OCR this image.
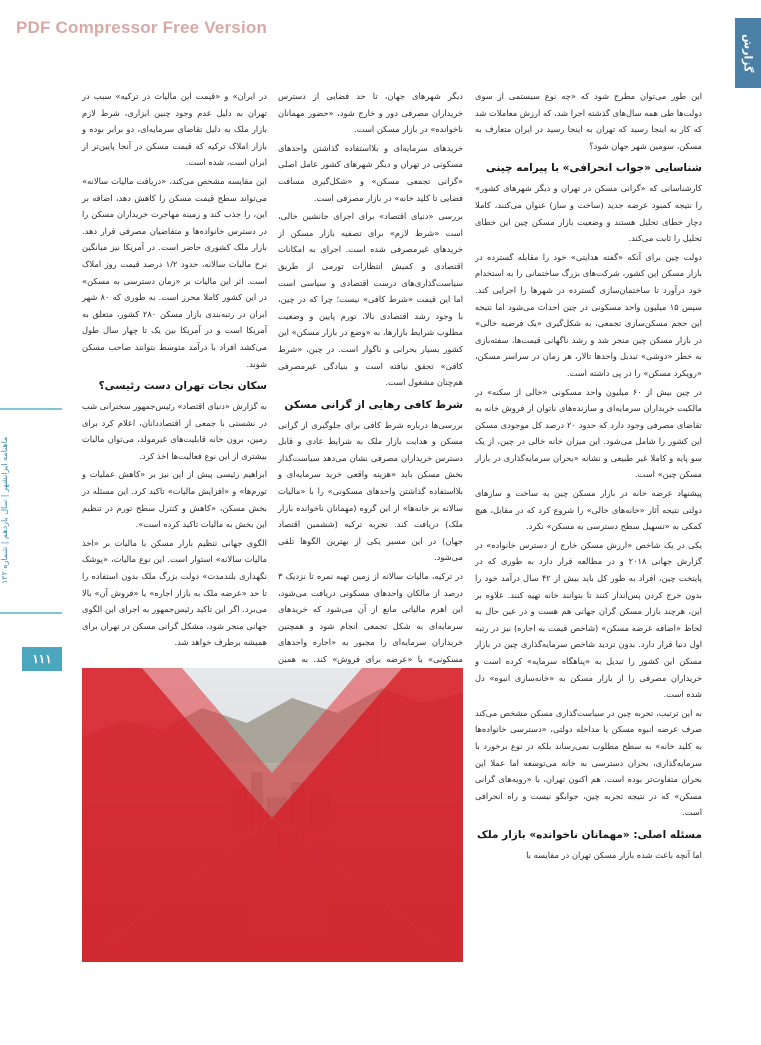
PDF Compressor Free Version
گزارش
ماهنامه ایرانشهر | سال یازدهم | شماره ۱۲۲
۱۱۱

این طور می‌توان مطرح شود که «چه نوع سیستمی از سوی دولت‌ها طی همه سال‌های گذشته اجرا شد، که ارزش معاملات شد که کار به اینجا رسید که تهران به اینجا رسید در ایران متعارف به مسکن، سومین شهر جهان شود؟

شناسایی «جواب انحرافی» با پیرامه چینی

کارشناسانی که «گرانی مسکن در تهران و دیگر شهرهای کشور» را نتیجه کمبود عرضه جدید (ساخت و ساز) عنوان می‌کنند، کاملا دچار خطای تحلیل هستند و وضعیت بازار مسکن چین این خطای تحلیل را ثابت می‌کند.

دولت چین برای آنکه «گفته هدایتی» خود را مقابله گسترده در بازار مسکن این کشور، شرکت‌های بزرگ ساختمانی را به استخدام خود درآورد تا ساختمان‌سازی گسترده در شهرها را اجرایی کند. سپس ۱۵ میلیون واحد مسکونی در چین احداث می‌شود اما نتیجه این حجم مسکن‌سازی تجمعی، به شکل‌گیری «یک فرضیه خالی» در بازار مسکن چین منجر شد و رشد ناگهانی قیمت‌ها، سفته‌بازی به خطر «دوشی» تبدیل واحدها تالار، هر زمان در سراسر مسکن، «رویکرد مسکن» را در پی داشته است.

در چین بیش از ۶۰ میلیون واحد مسکونی «خالی از سکنه» در مالکیت خریداران سرمایه‌ای و سازنده‌های ناتوان از فروش خانه به تقاضای مصرفی وجود دارد که حدود ۲۰ درصد کل موجودی مسکن این کشور را شامل می‌شود. این میزان خانه خالی در چین، از یک سو پایه و کاملا غیر طبیعی و نشانه «بحران سرمایه‌گذاری در بازار مسکن چین» است.

پیشنهاد عرضه خانه در بازار مسکن چین به ساخت و سازهای دولتی نتیجه آثار «خانه‌های خالی» را شروع کرد که در مقابل، هیچ کمکی به «تسهیل سطح دسترسی به مسکن» نکرد.

یکی در یک شاخص «ارزش مسکن خارج از دسترس خانواده» در گزارش جهانی ۲۰۱۸ و در مطالعه قرار دارد به طوری که در پایتخت چین، افراد به طور کل باید بیش از ۴۲ سال درآمد خود را بدون خرج کردن پس‌انداز کنند تا بتوانند خانه تهیه کنند. علاوه بر این، هرچند بازار مسکن گران جهانی هم هست و در عین حال به لحاظ «اضافه عرضه مسکن» (شاخص قیمت به اجاره) نیز در رتبه اول دنیا قرار دارد. بدون تردید شاخص سرمایه‌گذاری چین در بازار مسکن این کشور را تبدیل به «پناهگاه سرمایه» کرده است و خریداران مصرفی را از بازار مسکن به «خانه‌سازی انبوه» دل شده است.

به این ترتیب، تجربه چین در سیاست‌گذاری مسکن مشخص می‌کند صرف عرضه انبوه مسکن یا مداخله دولتی، «دسترسی خانواده‌ها به کلید خانه» به سطح مطلوب نمی‌رساند بلکه در نوع برخورد با سرمایه‌گذاری، بحران دسترسی به خانه می‌توسعه اما عملا این بحران متفاوت‌تر بوده است. هم اکنون تهران، با «رویه‌های گرانی مسکن» که در نتیجه تجربه چین، جوابگو نیست و راه انحرافی است.

مسئله اصلی: «مهمانان ناخوانده» بازار ملک

اما آنچه باعث شده بازار مسکن تهران در مقایسه با

دیگر شهرهای جهان، تا حد فضایی از دسترس خریداران مصرفی دور و خارج شود، «حضور مهمانان ناخوانده» در بازار مسکن است.

خریدهای سرمایه‌ای و بلااستفاده گذاشتن واحدهای مسکونی در تهران و دیگر شهرهای کشور عامل اصلی «گرانی تجمعی مسکن» و «شکل‌گیری مسافت فضایی تا کلید خانه» در بازار مصرفی است.

بررسی «دنیای اقتصاد» برای اجرای جانشین خالی، است «شرط لازم» برای تصفیه بازار مسکن از خریدهای غیرمصرفی شده است. اجرای به امکانات اقتصادی و کمیش انتظارات تورمی از طریق سیاست‌گذاری‌های درست اقتصادی و سیاسی است اما این قیمت «شرط کافی» نیست؛ چرا که در چین، با وجود رشد اقتصادی بالا، تورم پایین و وضعیت مطلوب شرایط بازارها، به «وضع در بازار مسکن» این کشور بسیار بحرانی و ناگوار است. در چین، «شرط کافی» تحقق نیافته است و بنیادگی غیرمصرفی هم‌چنان مشغول است.

شرط کافی رهایی از گرانی مسکن

بررسی‌ها درباره شرط کافی برای جلوگیری از گرانی مسکن و هدایت بازار ملک به شرایط عادی و قابل دسترس خریداران مصرفی نشان می‌دهد سیاست‌گذار بخش مسکن باید «هزینه واقعی خرید سرمایه‌ای و بلااستفاده گذاشتن واحدهای مسکونی» را با «مالیات سالانه بر خانه‌ها» از این گروه (مهمانان ناخوانده بازار ملک) دریافت کند. تجربه ترکیه (ششمین اقتصاد جهان) در این مسیر یکی از بهترین الگوها تلقی می‌شود.

در ترکیه، مالیات سالانه از زمین تهیه نمره تا نزدیک ۳ درصد از مالکان واحدهای مسکونی دریافت می‌شود، این اهرم مالیاتی مانع از آن می‌شود که خریدهای سرمایه‌ای به شکل تجمعی انجام شود و همچنین خریداران سرمایه‌ای را مجبور به «اجاره واحدهای مسکونی» یا «عرضه برای فروش» کند. به همین

در ایران» و «قیمت این مالیات در ترکیه» سبب در تهران به دلیل عدم وجود چنین ابزاری، شرط لازم بازار ملک به دلیل تقاضای سرمایه‌ای، دو برابر بوده و بازار املاک ترکیه که قیمت مسکن در آنجا پایین‌تر از ایران است، شده است.

این مقایسه مشخص می‌کند، «دریافت مالیات سالانه» می‌تواند سطح قیمت مسکن را کاهش دهد، اضافه بر این، را جذب کند و زمینه مهاجرت خریداران مسکن را در دسترس خانواده‌ها و متقاضیان مصرفی قرار دهد. بازار ملک کشوری حاضر است. در آمریکا نیز میانگین نرخ مالیات سالانه، حدود ۱/۲ درصد قیمت روز املاک است. اثر این مالیات بر «زمان دسترسی به مسکن» در این کشور کاملا محرز است. به طوری که ۸۰ شهر ایران در رتبه‌بندی بازار مسکن ۲۸۰ کشور، متعلق به آمریکا است و در آمریکا بین یک تا چهار سال طول می‌کشد افراد با درآمد متوسط بتوانند صاحب مسکن شوند.

سکان نجات تهران دست رئیسی؟

به گزارش «دنیای اقتصاد» رئیس‌جمهور سخنرانی شب در نشستی با جمعی از اقتصاددانان، اعلام کرد برای زمین، برون خانه قابلیت‌های غیرمولد، می‌توان مالیات بیشتری از این نوع فعالیت‌ها اخذ کرد.

ابراهیم رئیسی پیش از این نیز بر «کاهش عملیات و تورم‌ها» و «افزایش مالیات» تاکید کرد. این مسئله در بخش مسکن، «کاهش و کنترل سطح تورم در تنظیم این بخش به مالیات تاکید کرده است».

الگوی جهانی تنظیم بازار مسکن با مالیات بر «اخذ مالیات سالانه» استوار است. این نوع مالیات، «پوشک نگهداری بلندمدت» دولت بزرگ ملک بدون استفاده را تا حد «عرضه ملک به بازار اجاره» یا «فروش آن» بالا می‌برد. اگر این تاکید رئیس‌جمهور به اجرای این الگوی جهانی منجر شود، مشکل گرانی مسکن در تهران برای همیشه برطرف خواهد شد.
